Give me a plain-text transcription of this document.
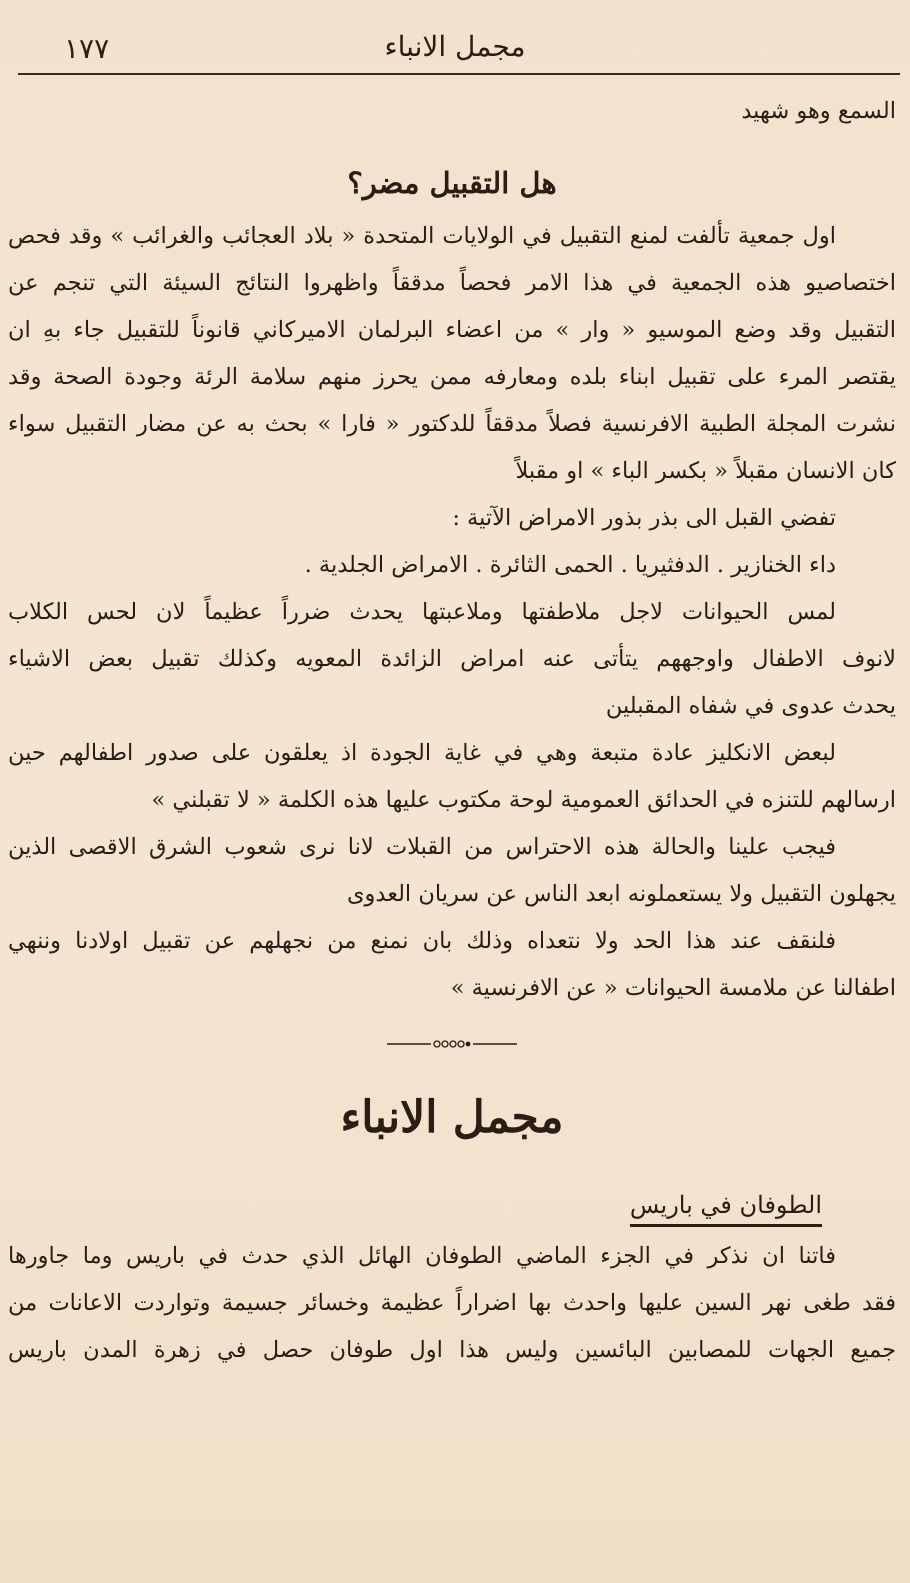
١٧٧	مجمل الانباء
السمع وهو شهيد
هل التقبيل مضر؟
اول جمعية تألفت لمنع التقبيل في الولايات المتحدة « بلاد العجائب والغرائب » وقد فحص
اختصاصيو هذه الجمعية في هذا الامر فحصاً مدققاً واظهروا النتائج السيئة التي تنجم عن
التقبيل وقد وضع الموسيو « وار » من اعضاء البرلمان الاميركاني قانوناً للتقبيل جاء بهِ ان
يقتصر المرء على تقبيل ابناء بلده ومعارفه ممن يحرز منهم سلامة الرئة وجودة الصحة وقد
نشرت المجلة الطبية الافرنسية فصلاً مدققاً للدكتور « فارا » بحث به عن مضار التقبيل سواء
كان الانسان مقبلاً « بكسر الباء » او مقبلاً
تفضي القبل الى بذر بذور الامراض الآتية :
داء الخنازير . الدفثيريا . الحمى الثائرة . الامراض الجلدية .
لمس الحيوانات لاجل ملاطفتها وملاعبتها يحدث ضرراً عظيماً لان لحس الكلاب
لانوف الاطفال واوجههم يتأتى عنه امراض الزائدة المعويه وكذلك تقبيل بعض الاشياء
يحدث عدوى في شفاه المقبلين
لبعض الانكليز عادة متبعة وهي في غاية الجودة اذ يعلقون على صدور اطفالهم حين
ارسالهم للتنزه في الحدائق العمومية لوحة مكتوب عليها هذه الكلمة « لا تقبلني »
فيجب علينا والحالة هذه الاحتراس من القبلات لانا نرى شعوب الشرق الاقصى الذين
يجهلون التقبيل ولا يستعملونه ابعد الناس عن سريان العدوى
فلنقف عند هذا الحد ولا نتعداه وذلك بان نمنع من نجهلهم عن تقبيل اولادنا وننهي
اطفالنا عن ملامسة الحيوانات « عن الافرنسية »
مجمل الانباء
الطوفان في باريس
فاتنا ان نذكر في الجزء الماضي الطوفان الهائل الذي حدث في باريس وما جاورها
فقد طغى نهر السين عليها واحدث بها اضراراً عظيمة وخسائر جسيمة وتواردت الاعانات من
جميع الجهات للمصابين البائسين وليس هذا اول طوفان حصل في زهرة المدن باريس
